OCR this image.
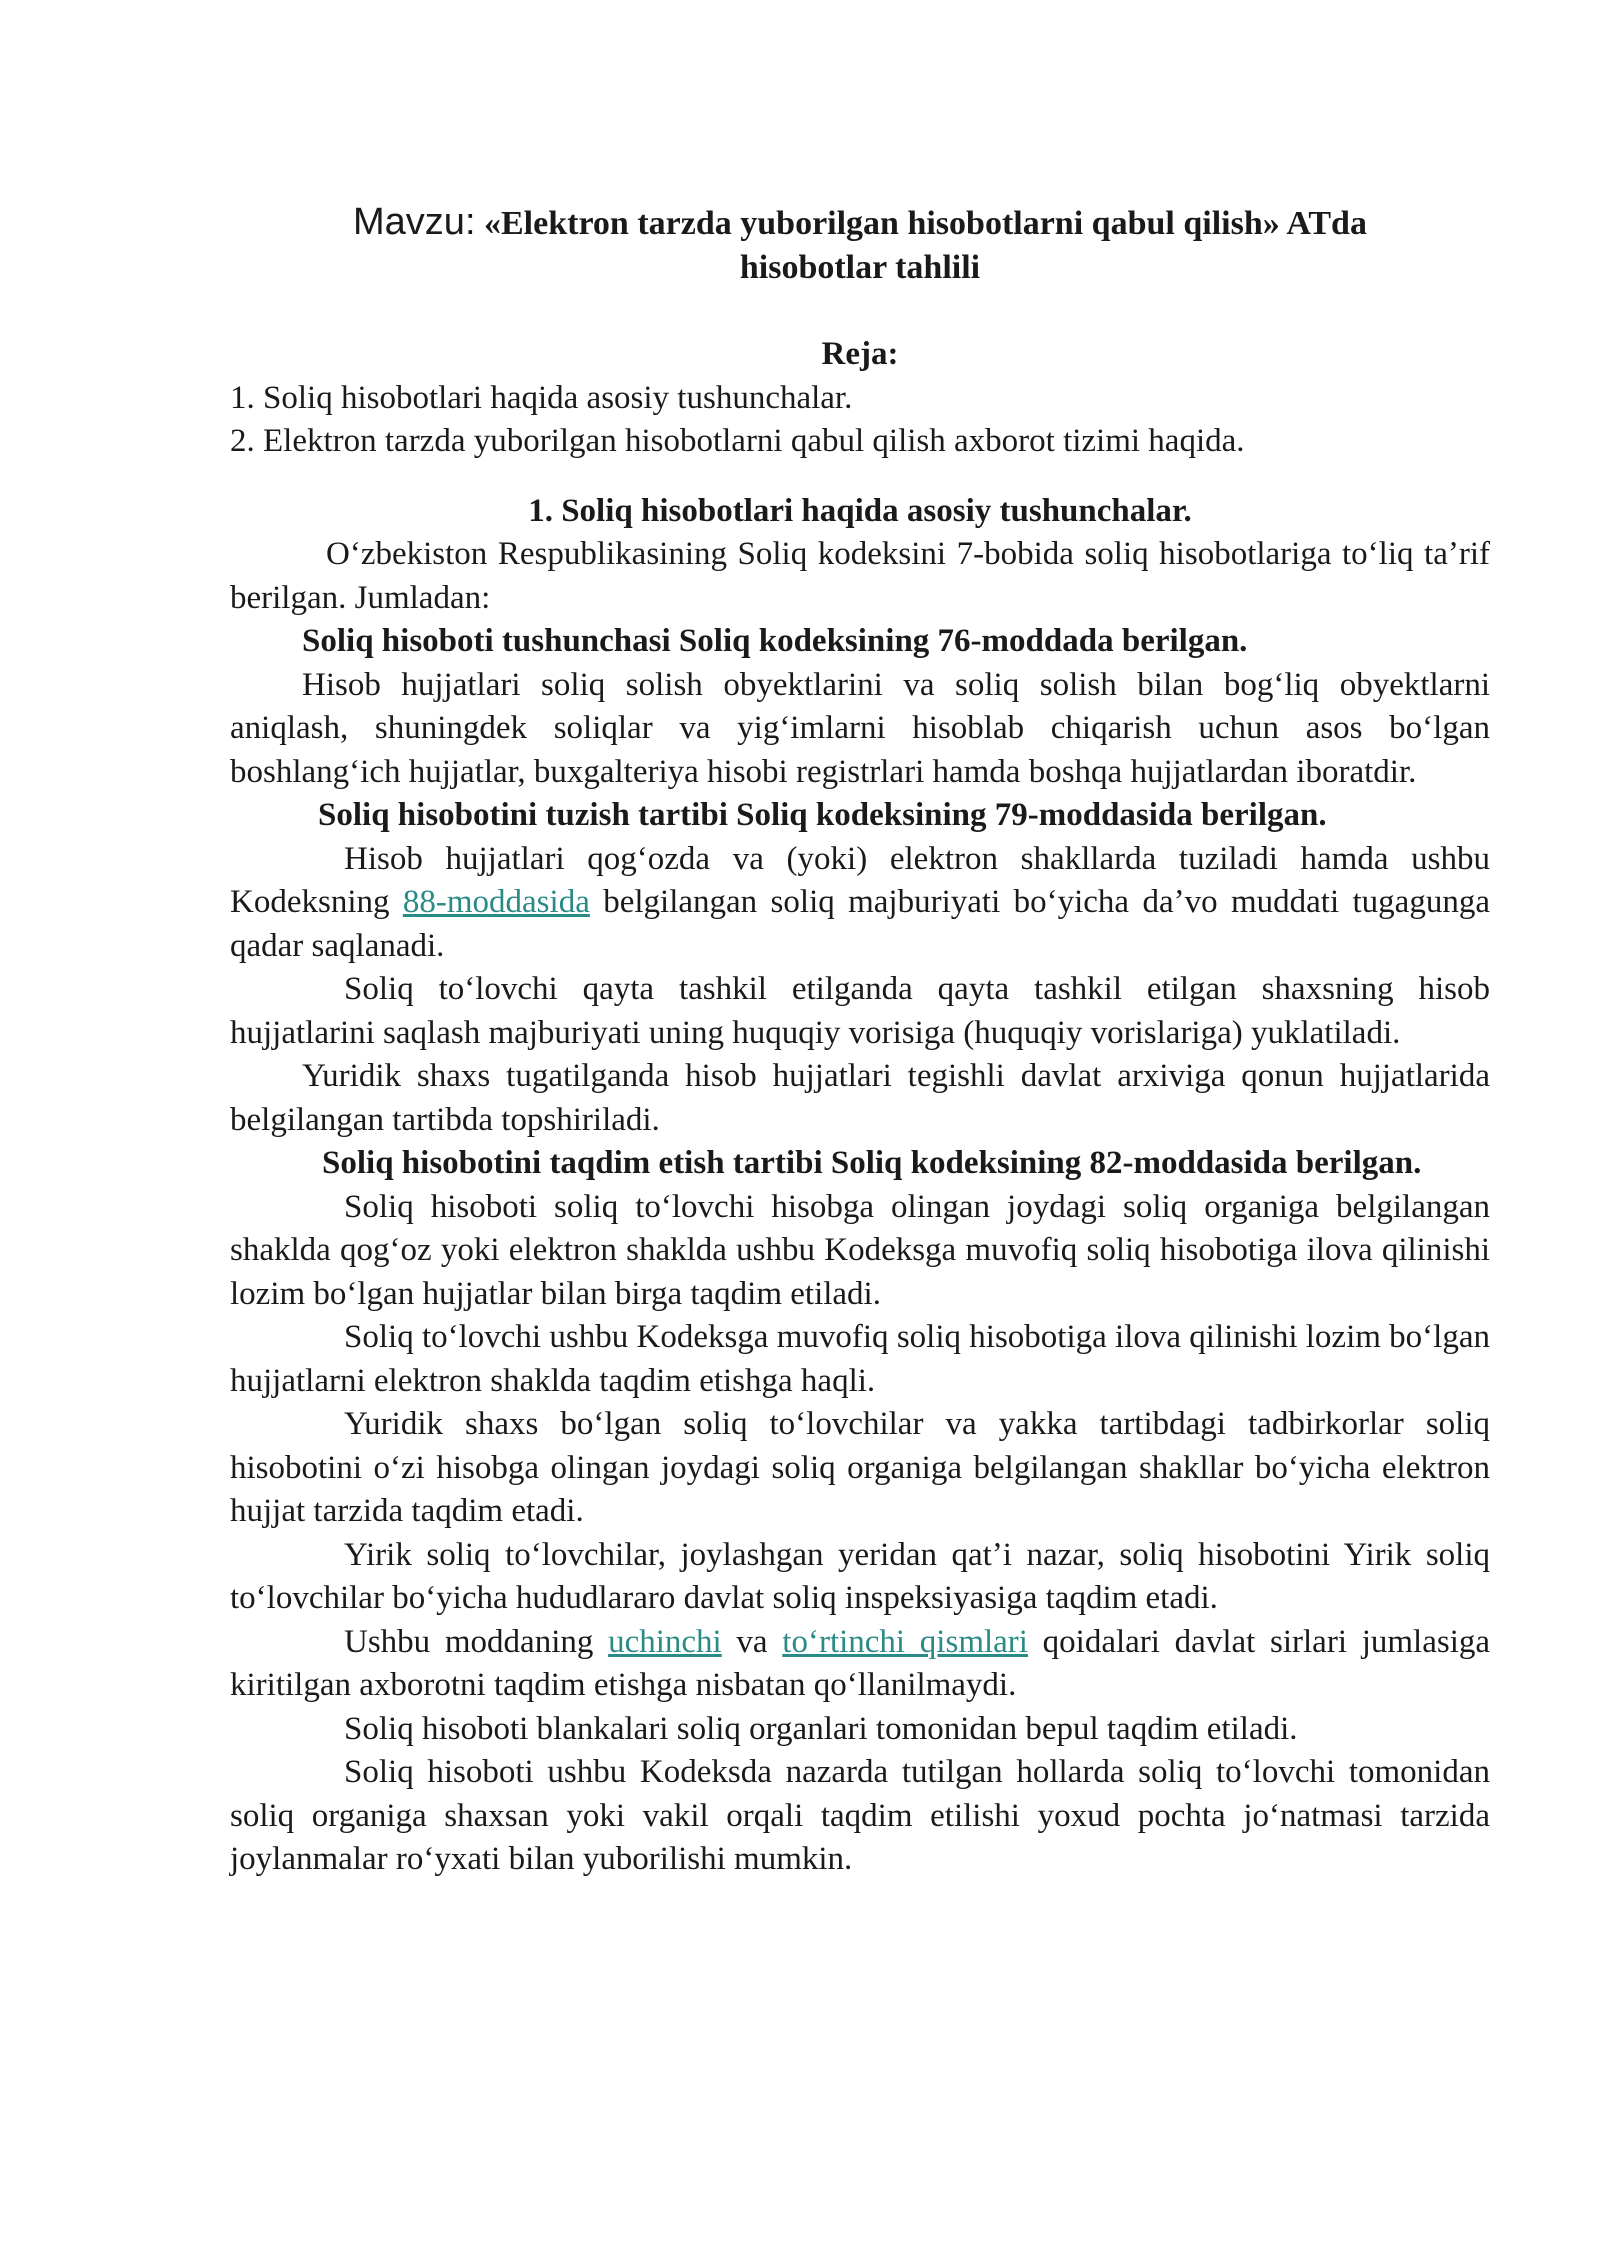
Mavzu: «Elektron tarzda yuborilgan hisobotlarni qabul qilish» ATda
hisobotlar tahlili

Reja:

1. Soliq hisobotlari haqida asosiy tushunchalar.

2. Elektron tarzda yuborilgan hisobotlarni qabul qilish axborot tizimi haqida.

1. Soliq hisobotlari haqida asosiy tushunchalar.

Oʻzbekiston Respublikasining Soliq kodeksini 7-bobida soliq hisobotlariga toʻliq taʼrif berilgan. Jumladan:

Soliq hisoboti tushunchasi Soliq kodeksining 76-moddada berilgan.

Hisob hujjatlari soliq solish obyektlarini va soliq solish bilan bogʻliq obyektlarni aniqlash, shuningdek soliqlar va yigʻimlarni hisoblab chiqarish uchun asos boʻlgan boshlangʻich hujjatlar, buxgalteriya hisobi registrlari hamda boshqa hujjatlardan iboratdir.

Soliq hisobotini tuzish tartibi Soliq kodeksining 79-moddasida berilgan.

Hisob hujjatlari qogʻozda va (yoki) elektron shakllarda tuziladi hamda ushbu Kodeksning 88-moddasida belgilangan soliq majburiyati boʻyicha daʼvo muddati tugagunga qadar saqlanadi.

Soliq toʻlovchi qayta tashkil etilganda qayta tashkil etilgan shaxsning hisob hujjatlarini saqlash majburiyati uning huquqiy vorisiga (huquqiy vorislariga) yuklatiladi.

Yuridik shaxs tugatilganda hisob hujjatlari tegishli davlat arxiviga qonun hujjatlarida belgilangan tartibda topshiriladi.

Soliq hisobotini taqdim etish tartibi Soliq kodeksining 82-moddasida berilgan.

Soliq hisoboti soliq toʻlovchi hisobga olingan joydagi soliq organiga belgilangan shaklda qogʻoz yoki elektron shaklda ushbu Kodeksga muvofiq soliq hisobotiga ilova qilinishi lozim boʻlgan hujjatlar bilan birga taqdim etiladi.

Soliq toʻlovchi ushbu Kodeksga muvofiq soliq hisobotiga ilova qilinishi lozim boʻlgan hujjatlarni elektron shaklda taqdim etishga haqli.

Yuridik shaxs boʻlgan soliq toʻlovchilar va yakka tartibdagi tadbirkorlar soliq hisobotini oʻzi hisobga olingan joydagi soliq organiga belgilangan shakllar boʻyicha elektron hujjat tarzida taqdim etadi.

Yirik soliq toʻlovchilar, joylashgan yeridan qatʼi nazar, soliq hisobotini Yirik soliq toʻlovchilar boʻyicha hududlararo davlat soliq inspeksiyasiga taqdim etadi.

Ushbu moddaning uchinchi va toʻrtinchi qismlari qoidalari davlat sirlari jumlasiga kiritilgan axborotni taqdim etishga nisbatan qoʻllanilmaydi.

Soliq hisoboti blankalari soliq organlari tomonidan bepul taqdim etiladi.

Soliq hisoboti ushbu Kodeksda nazarda tutilgan hollarda soliq toʻlovchi tomonidan soliq organiga shaxsan yoki vakil orqali taqdim etilishi yoxud pochta joʻnatmasi tarzida joylanmalar roʻyxati bilan yuborilishi mumkin.
